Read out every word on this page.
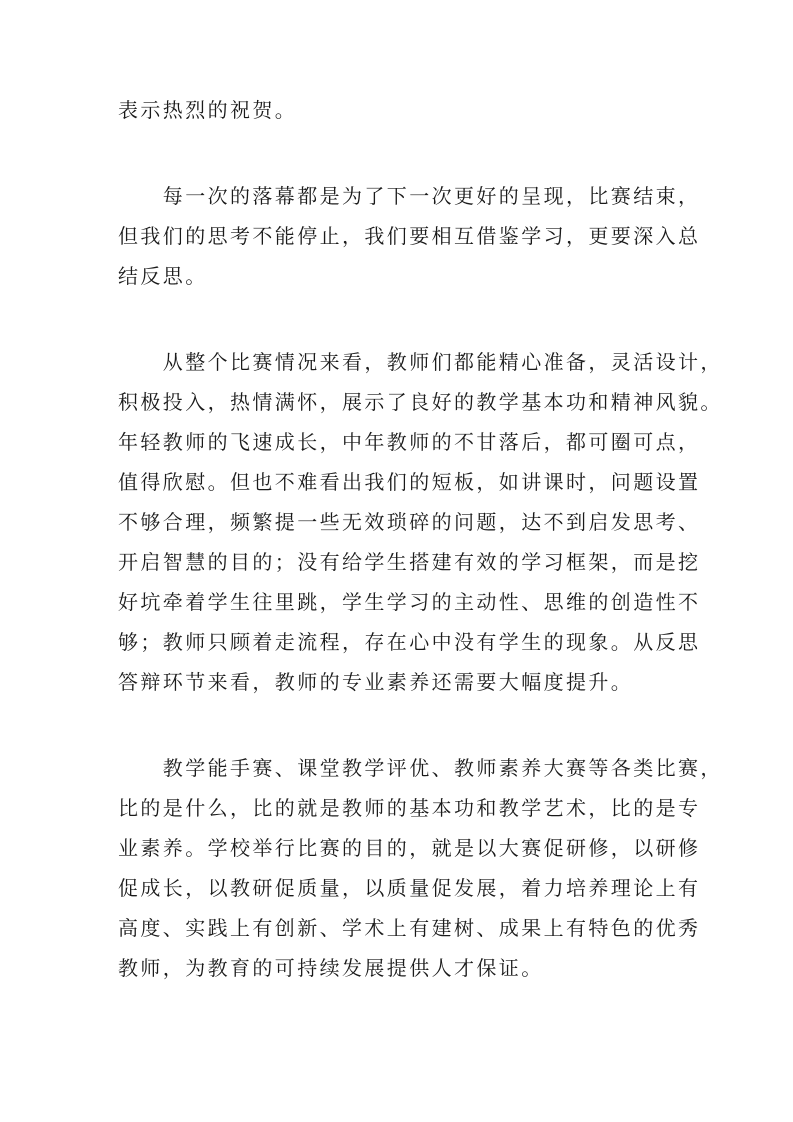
表示热烈的祝贺。
　　每一次的落幕都是为了下一次更好的呈现，比赛结束，
但我们的思考不能停止，我们要相互借鉴学习，更要深入总
结反思。
　　从整个比赛情况来看，教师们都能精心准备，灵活设计，
积极投入，热情满怀，展示了良好的教学基本功和精神风貌。
年轻教师的飞速成长，中年教师的不甘落后，都可圈可点，
值得欣慰。但也不难看出我们的短板，如讲课时，问题设置
不够合理，频繁提一些无效琐碎的问题，达不到启发思考、
开启智慧的目的；没有给学生搭建有效的学习框架，而是挖
好坑牵着学生往里跳，学生学习的主动性、思维的创造性不
够；教师只顾着走流程，存在心中没有学生的现象。从反思
答辩环节来看，教师的专业素养还需要大幅度提升。
　　教学能手赛、课堂教学评优、教师素养大赛等各类比赛，
比的是什么，比的就是教师的基本功和教学艺术，比的是专
业素养。学校举行比赛的目的，就是以大赛促研修，以研修
促成长，以教研促质量，以质量促发展，着力培养理论上有
高度、实践上有创新、学术上有建树、成果上有特色的优秀
教师，为教育的可持续发展提供人才保证。
